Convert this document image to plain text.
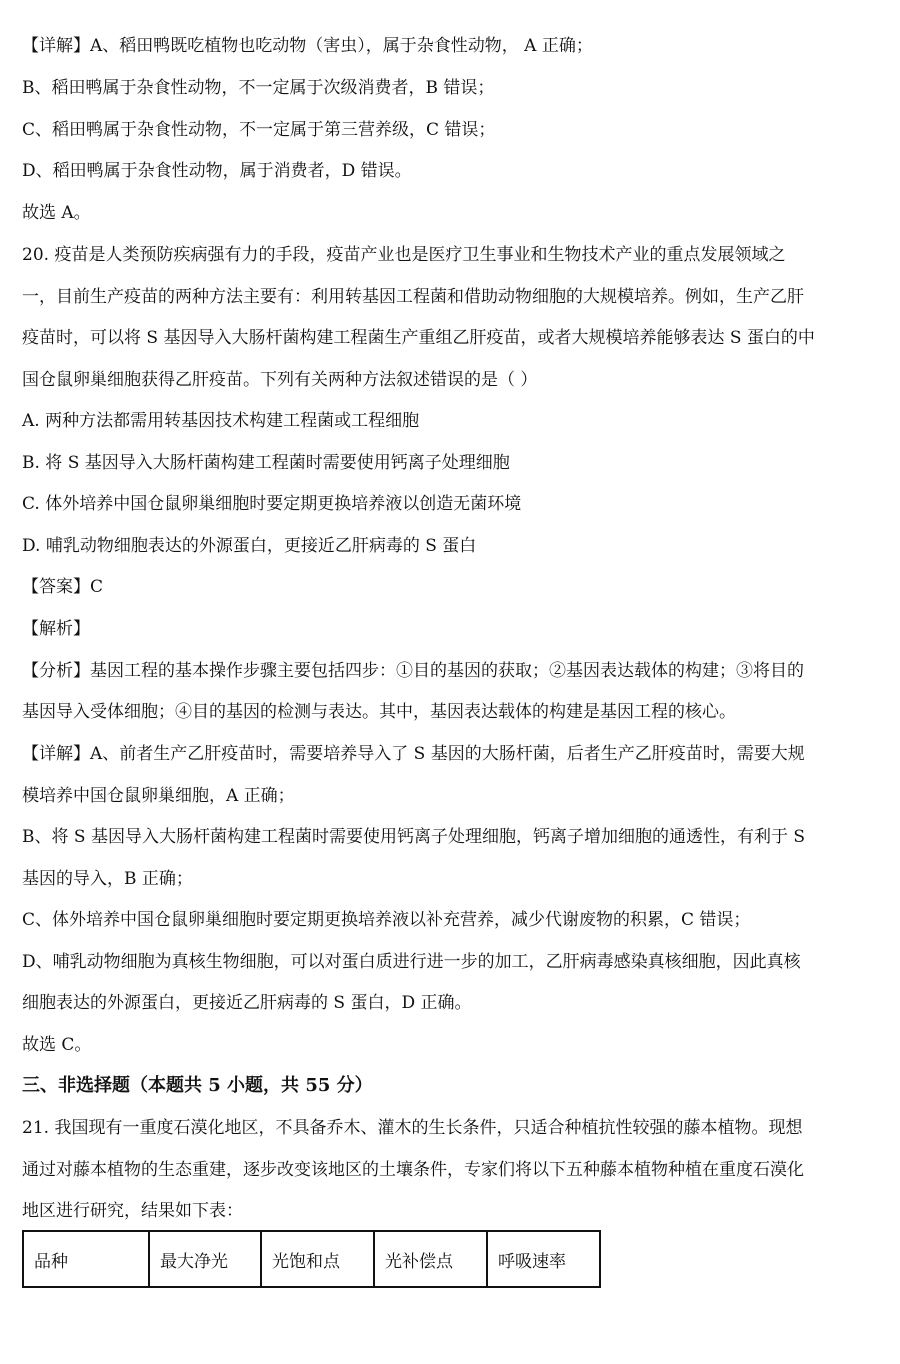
【详解】A、稻田鸭既吃植物也吃动物（害虫），属于杂食性动物， A 正确；
B、稻田鸭属于杂食性动物，不一定属于次级消费者，B 错误；
C、稻田鸭属于杂食性动物，不一定属于第三营养级，C 错误；
D、稻田鸭属于杂食性动物，属于消费者，D 错误。
故选 A。
20. 疫苗是人类预防疾病强有力的手段，疫苗产业也是医疗卫生事业和生物技术产业的重点发展领域之
一，目前生产疫苗的两种方法主要有：利用转基因工程菌和借助动物细胞的大规模培养。例如，生产乙肝
疫苗时，可以将 S 基因导入大肠杆菌构建工程菌生产重组乙肝疫苗，或者大规模培养能够表达 S 蛋白的中
国仓鼠卵巢细胞获得乙肝疫苗。下列有关两种方法叙述错误的是（ ）
A. 两种方法都需用转基因技术构建工程菌或工程细胞
B. 将 S 基因导入大肠杆菌构建工程菌时需要使用钙离子处理细胞
C. 体外培养中国仓鼠卵巢细胞时要定期更换培养液以创造无菌环境
D. 哺乳动物细胞表达的外源蛋白，更接近乙肝病毒的 S 蛋白
【答案】C
【解析】
【分析】基因工程的基本操作步骤主要包括四步：①目的基因的获取；②基因表达载体的构建；③将目的
基因导入受体细胞；④目的基因的检测与表达。其中，基因表达载体的构建是基因工程的核心。
【详解】A、前者生产乙肝疫苗时，需要培养导入了 S 基因的大肠杆菌，后者生产乙肝疫苗时，需要大规
模培养中国仓鼠卵巢细胞，A 正确；
B、将 S 基因导入大肠杆菌构建工程菌时需要使用钙离子处理细胞，钙离子增加细胞的通透性，有利于 S
基因的导入，B 正确；
C、体外培养中国仓鼠卵巢细胞时要定期更换培养液以补充营养，减少代谢废物的积累，C 错误；
D、哺乳动物细胞为真核生物细胞，可以对蛋白质进行进一步的加工，乙肝病毒感染真核细胞，因此真核
细胞表达的外源蛋白，更接近乙肝病毒的 S 蛋白，D 正确。
故选 C。
三、非选择题（本题共 5 小题，共 55 分）
21. 我国现有一重度石漠化地区，不具备乔木、灌木的生长条件，只适合种植抗性较强的藤本植物。现想
通过对藤本植物的生态重建，逐步改变该地区的土壤条件，专家们将以下五种藤本植物种植在重度石漠化
地区进行研究，结果如下表：
品种	最大净光	光饱和点	光补偿点	呼吸速率
